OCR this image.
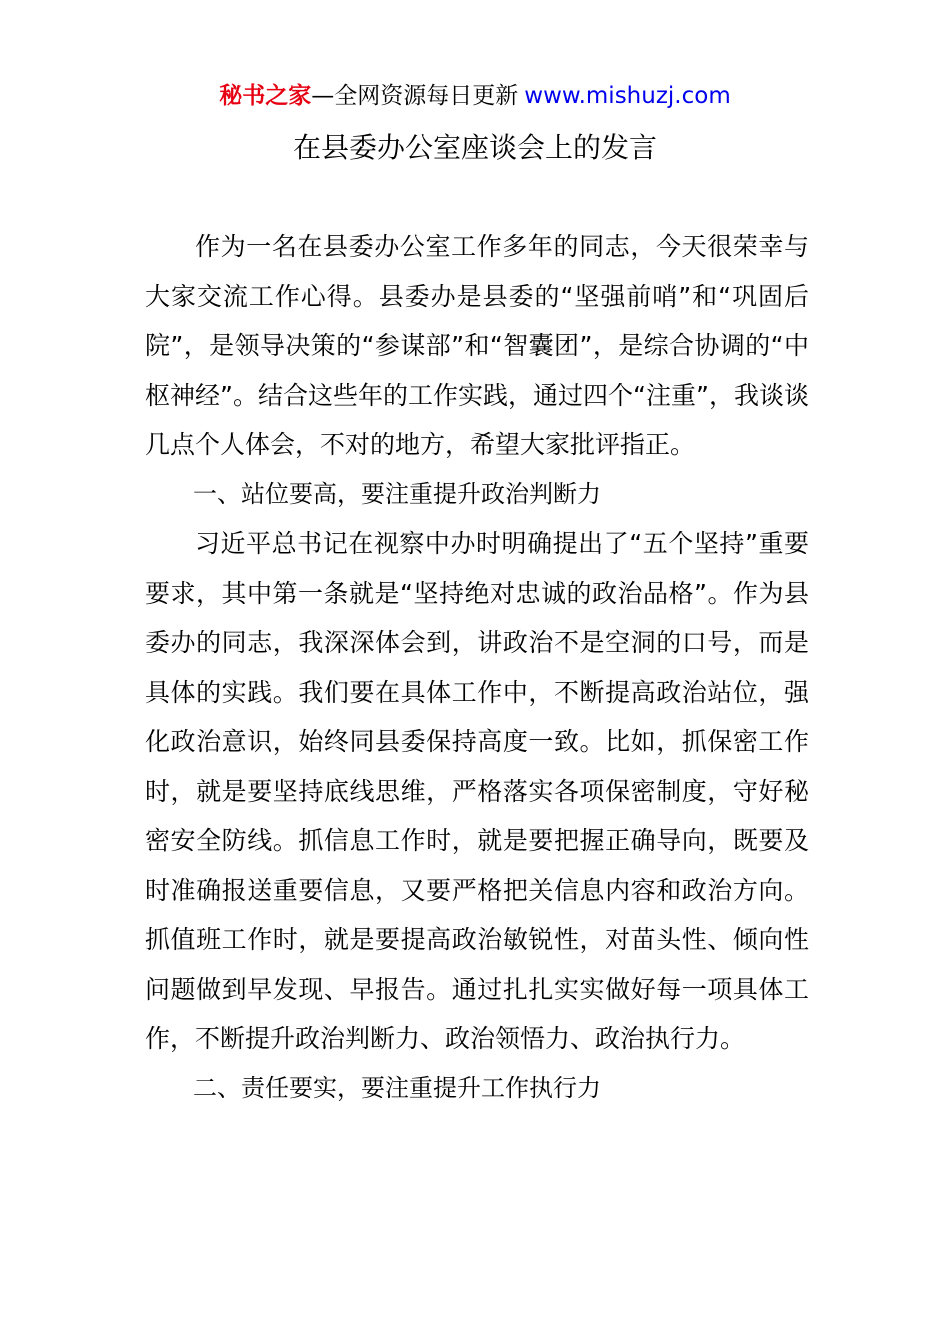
秘书之家—全网资源每日更新 www.mishuzj.com
在县委办公室座谈会上的发言

作为一名在县委办公室工作多年的同志，今天很荣幸与大家交流工作心得。县委办是县委的“坚强前哨”和“巩固后院”，是领导决策的“参谋部”和“智囊团”，是综合协调的“中枢神经”。结合这些年的工作实践，通过四个“注重”，我谈谈几点个人体会，不对的地方，希望大家批评指正。

一、站位要高，要注重提升政治判断力

习近平总书记在视察中办时明确提出了“五个坚持”重要要求，其中第一条就是“坚持绝对忠诚的政治品格”。作为县委办的同志，我深深体会到，讲政治不是空洞的口号，而是具体的实践。我们要在具体工作中，不断提高政治站位，强化政治意识，始终同县委保持高度一致。比如，抓保密工作时，就是要坚持底线思维，严格落实各项保密制度，守好秘密安全防线。抓信息工作时，就是要把握正确导向，既要及时准确报送重要信息，又要严格把关信息内容和政治方向。抓值班工作时，就是要提高政治敏锐性，对苗头性、倾向性问题做到早发现、早报告。通过扎扎实实做好每一项具体工作，不断提升政治判断力、政治领悟力、政治执行力。

二、责任要实，要注重提升工作执行力
